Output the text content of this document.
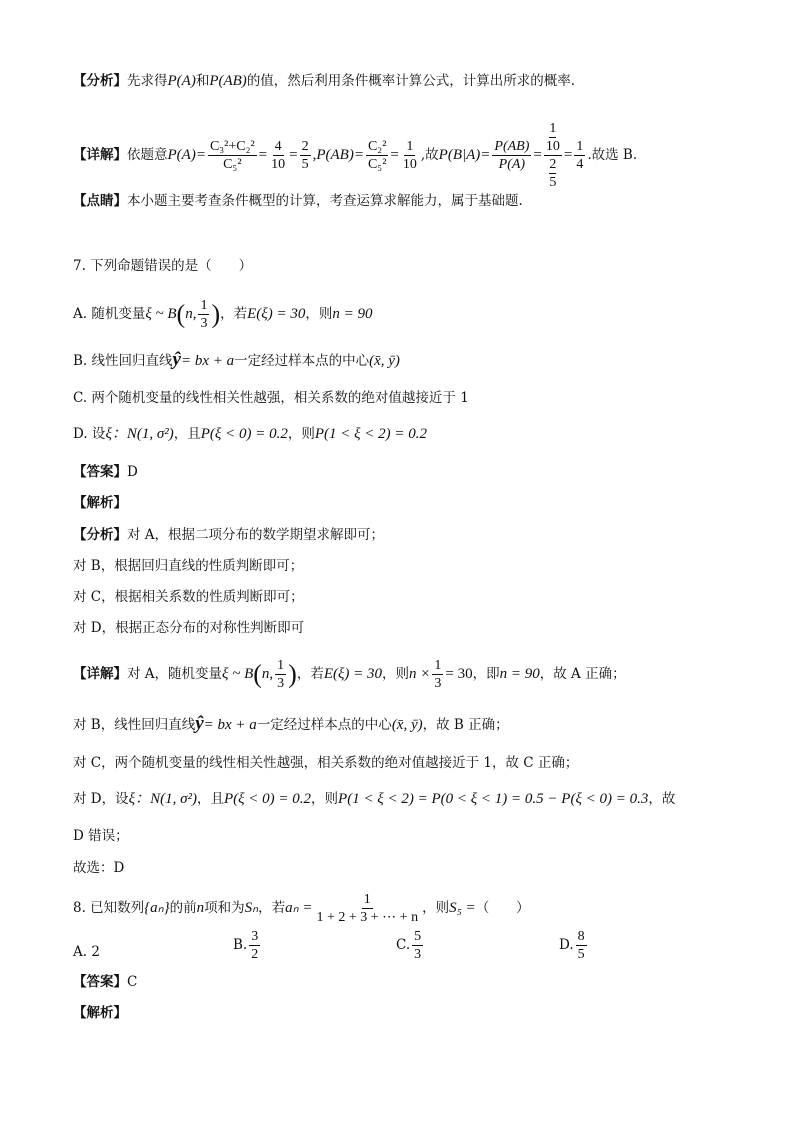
【分析】先求得P(A)和P(AB)的值，然后利用条件概率计算公式，计算出所求的概率.
【详解】依题意$P(A)= \frac{\text{C₃²+C₂²}}{\text{C₅²}} = \frac{4}{10} = \frac{2}{5} ,P(AB)= \frac{\text{C₂²}}{\text{C₅²}} = \frac{1}{10}$ ,故$P(B|A)= \frac{P(AB)}{P(A)} = \frac{\frac{1}{10}}{\frac{2}{5}} = \frac{1}{4}$ .故选 B.
【点睛】本小题主要考查条件概型的计算，考查运算求解能力，属于基础题.
7. 下列命题错误的是（　　）
A. 随机变量ξ ~ B(n, $\frac{1}{3}$ )，若E(ξ) = 30，则n = 90
B. 线性回归直线ŷ= bx + a一定经过样本点的中心(x̄, ȳ)
C. 两个随机变量的线性相关性越强，相关系数的绝对值越接近于 1
D. 设ξ：N(1, σ²)，且P(ξ < 0) = 0.2，则P(1 < ξ < 2) = 0.2
【答案】D
【解析】
【分析】对 A，根据二项分布的数学期望求解即可；
对 B，根据回归直线的性质判断即可；
对 C，根据相关系数的性质判断即可；
对 D，根据正态分布的对称性判断即可
【详解】对 A，随机变量ξ ~ B(n, $\frac{1}{3}$ )，若E(ξ) = 30，则$n \times \frac{1}{3} = 30$，即n = 90，故 A 正确；
对 B，线性回归直线ŷ= bx + a一定经过样本点的中心(x̄, ȳ)，故 B 正确；
对 C，两个随机变量的线性相关性越强，相关系数的绝对值越接近于 1，故 C 正确；
对 D，设ξ：N(1, σ²)，且P(ξ < 0) = 0.2，则P(1 < ξ < 2) = P(0 < ξ < 1) = 0.5 − P(ξ < 0) = 0.3，故
D 错误；
故选：D
8. 已知数列{aₙ}的前n项和为Sₙ，若$a_n = \frac{1}{1 + 2 + 3 + \cdots + n}$ ，则S₅ =（　　）
A. 2	B. $\frac{3}{2}$	C. $\frac{5}{3}$	D. $\frac{8}{5}$
【答案】C
【解析】
